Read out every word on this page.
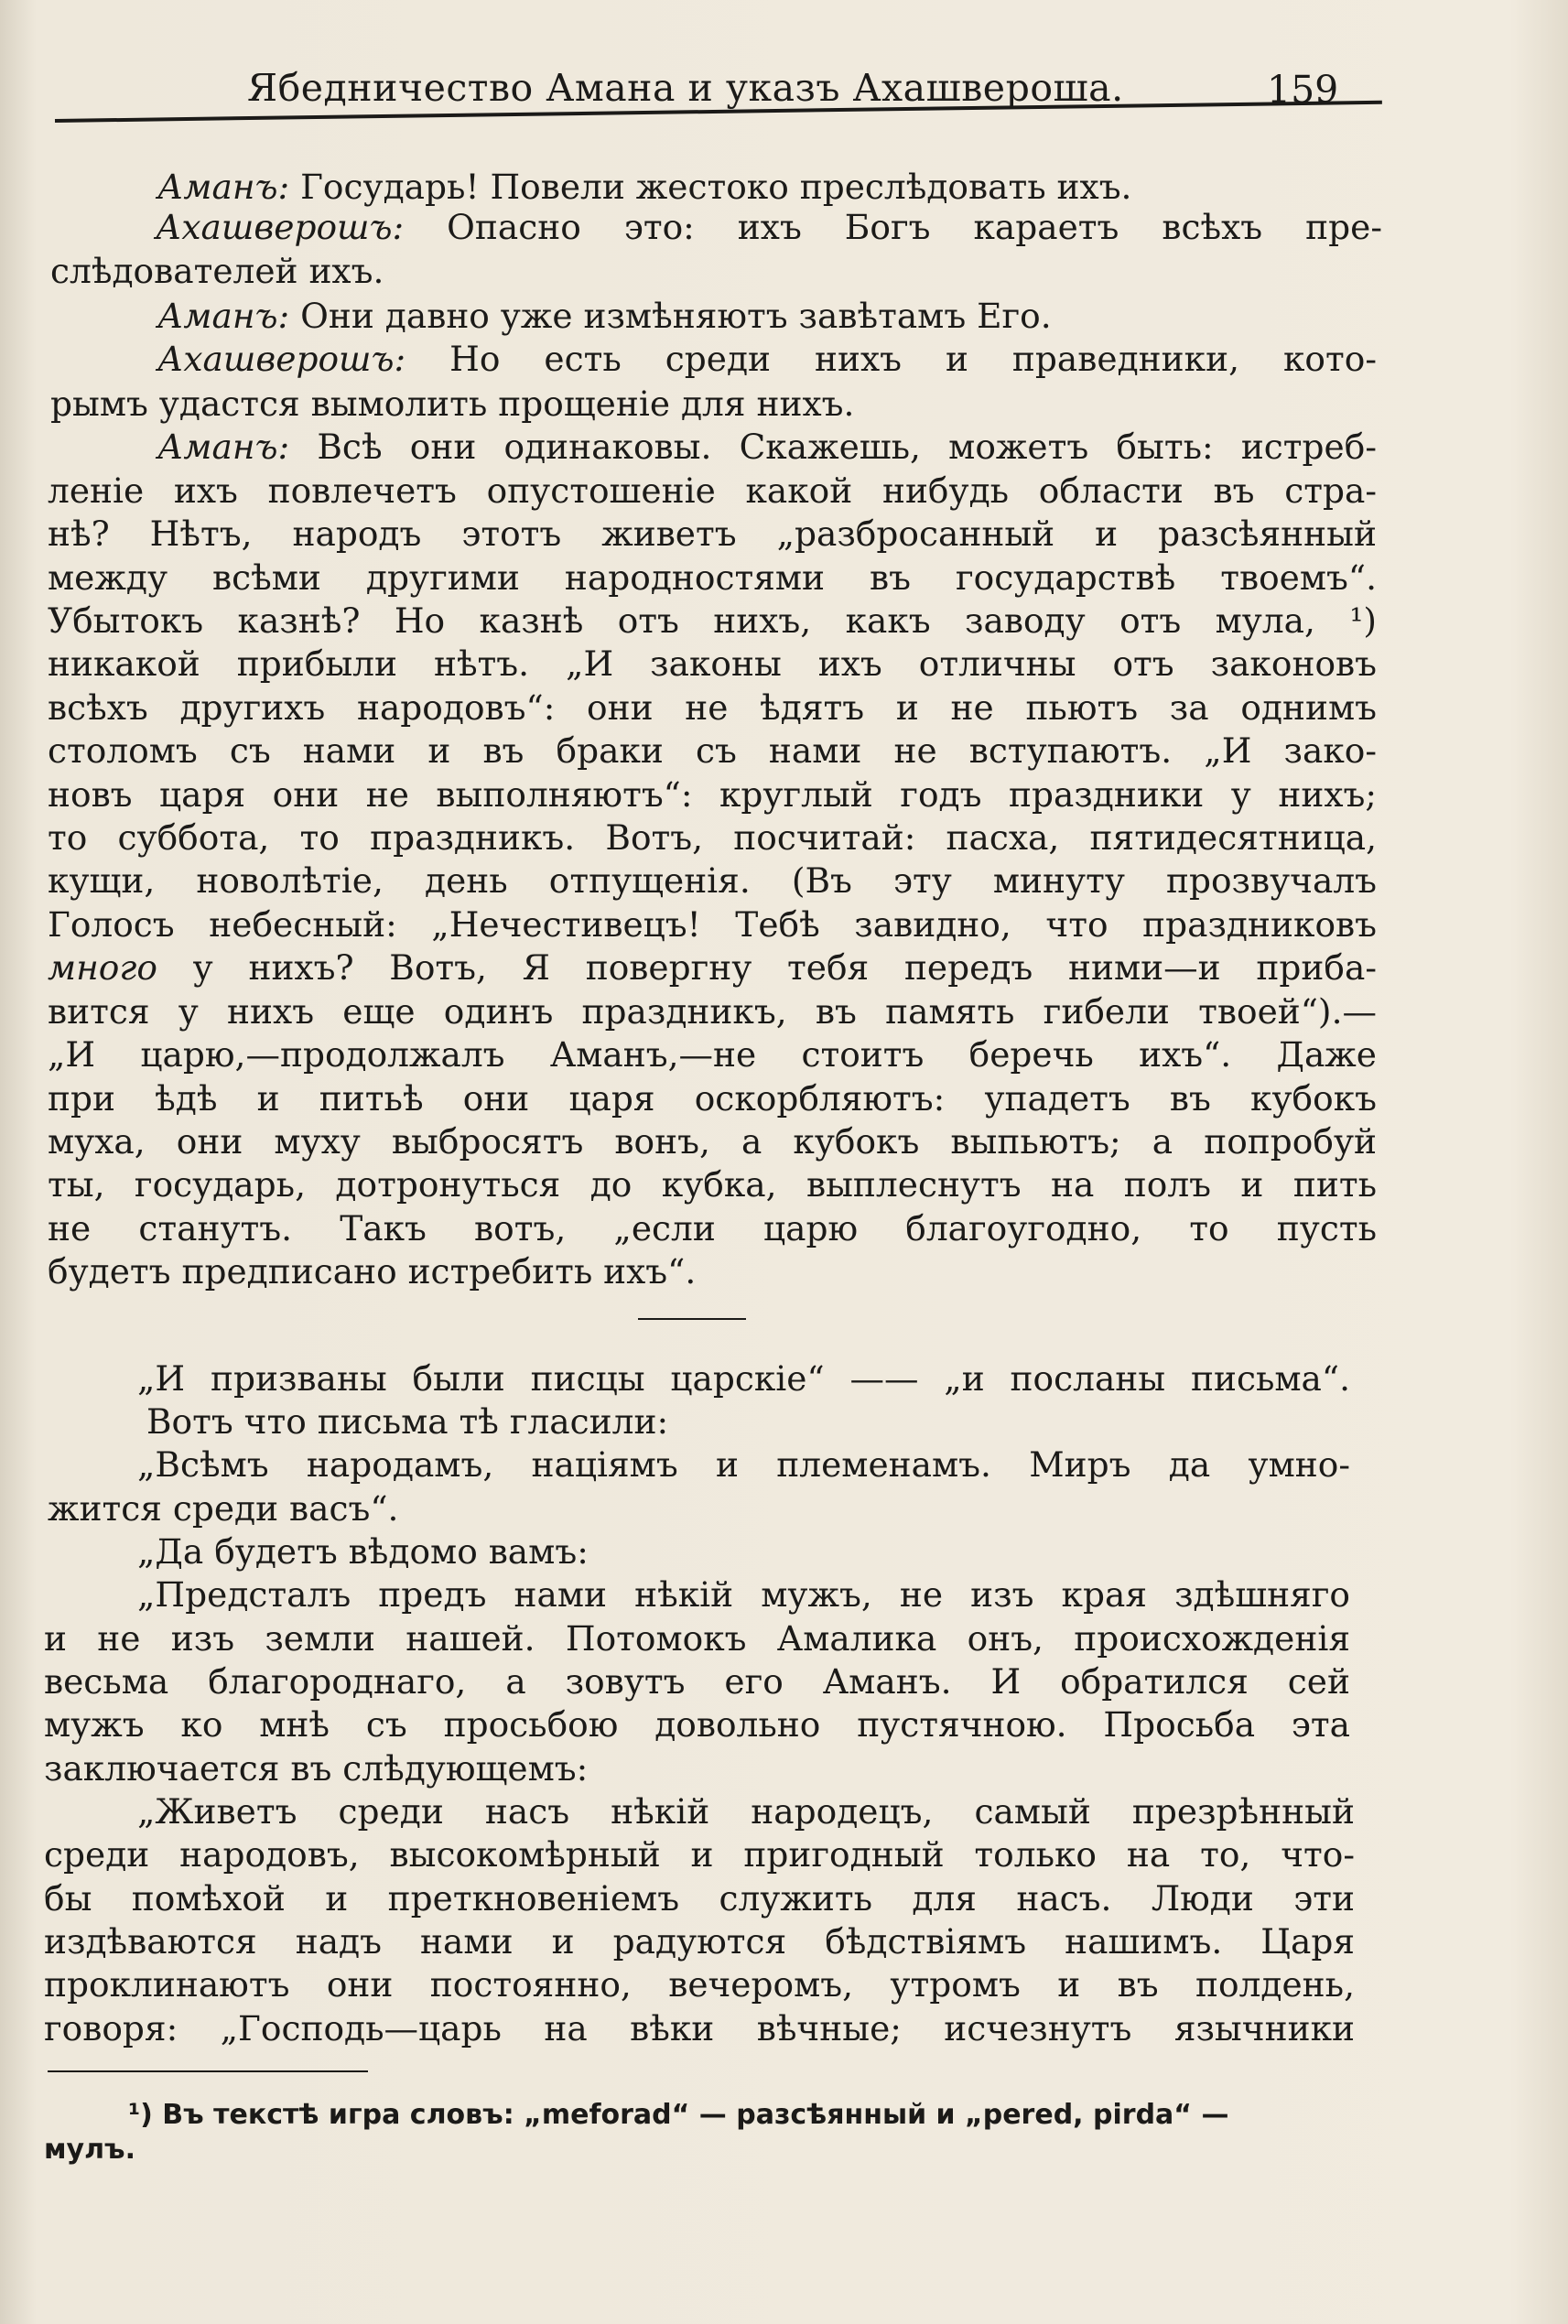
Ябедничество Амана и указъ Ахашвероша.	159
Аманъ: Государь! Повели жестоко преслѣдовать ихъ.
Ахашверошъ: Опасно это: ихъ Богъ караетъ всѣхъ пре-
слѣдователей ихъ.
Аманъ: Они давно уже измѣняютъ завѣтамъ Его.
Ахашверошъ: Но есть среди нихъ и праведники, кото-
рымъ удастся вымолить прощеніе для нихъ.
Аманъ: Всѣ они одинаковы. Скажешь, можетъ быть: истреб-
леніе ихъ повлечетъ опустошеніе какой нибудь области въ стра-
нѣ? Нѣтъ, народъ этотъ живетъ „разбросанный и разсѣянный
между всѣми другими народностями въ государствѣ твоемъ“.
Убытокъ казнѣ? Но казнѣ отъ нихъ, какъ заводу отъ мула, ¹)
никакой прибыли нѣтъ. „И законы ихъ отличны отъ законовъ
всѣхъ другихъ народовъ“: они не ѣдятъ и не пьютъ за однимъ
столомъ съ нами и въ браки съ нами не вступаютъ. „И зако-
новъ царя они не выполняютъ“: круглый годъ праздники у нихъ;
то суббота, то праздникъ. Вотъ, посчитай: пасха, пятидесятница,
кущи, новолѣтіе, день отпущенія. (Въ эту минуту прозвучалъ
Голосъ небесный: „Нечестивецъ! Тебѣ завидно, что праздниковъ
много у нихъ? Вотъ, Я повергну тебя передъ ними—и приба-
вится у нихъ еще одинъ праздникъ, въ память гибели твоей“).—
„И царю,—продолжалъ Аманъ,—не стоитъ беречь ихъ“. Даже
при ѣдѣ и питьѣ они царя оскорбляютъ: упадетъ въ кубокъ
муха, они муху выбросятъ вонъ, а кубокъ выпьютъ; а попробуй
ты, государь, дотронуться до кубка, выплеснутъ на полъ и пить
не станутъ. Такъ вотъ, „если царю благоугодно, то пусть
будетъ предписано истребить ихъ“.
„И призваны были писцы царскіе“ —— „и посланы письма“.
Вотъ что письма тѣ гласили:
„Всѣмъ народамъ, націямъ и племенамъ. Миръ да умно-
жится среди васъ“.
„Да будетъ вѣдомо вамъ:
„Предсталъ предъ нами нѣкій мужъ, не изъ края здѣшняго
и не изъ земли нашей. Потомокъ Амалика онъ, происхожденія
весьма благороднаго, а зовутъ его Аманъ. И обратился сей
мужъ ко мнѣ съ просьбою довольно пустячною. Просьба эта
заключается въ слѣдующемъ:
„Живетъ среди насъ нѣкій народецъ, самый презрѣнный
среди народовъ, высокомѣрный и пригодный только на то, что-
бы помѣхой и преткновеніемъ служить для насъ. Люди эти
издѣваются надъ нами и радуются бѣдствіямъ нашимъ. Царя
проклинаютъ они постоянно, вечеромъ, утромъ и въ полдень,
говоря: „Господь—царь на вѣки вѣчные; исчезнутъ язычники
¹) Въ текстѣ игра словъ: „meforad“ — разсѣянный и „pered, pirda“ —
мулъ.
